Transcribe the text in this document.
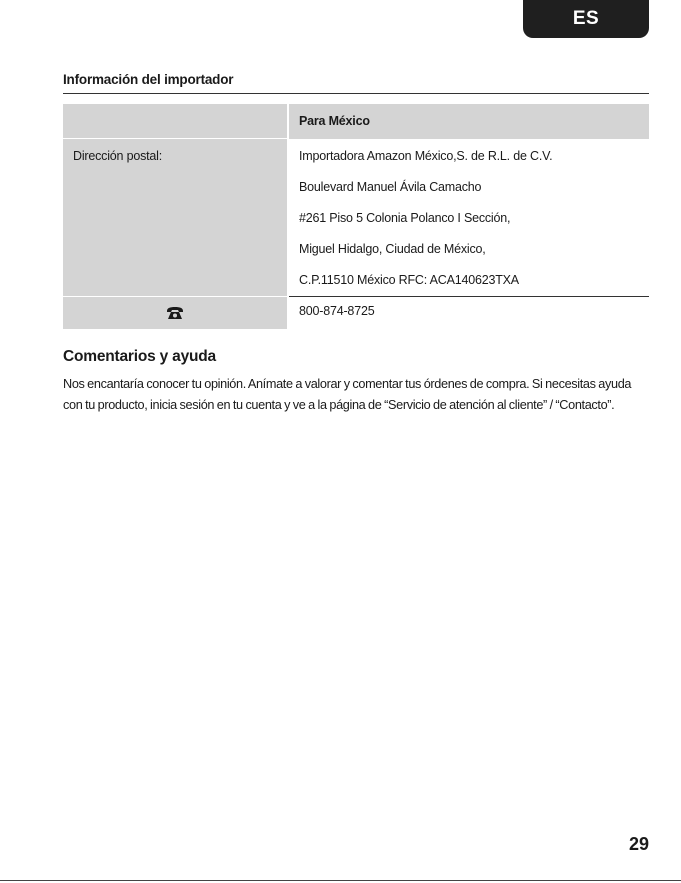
ES
Información del importador
		Para México
Dirección postal:		Importadora Amazon México,S. de R.L. de C.V.
Boulevard Manuel Ávila Camacho
#261 Piso 5 Colonia Polanco I Sección,
Miguel Hidalgo, Ciudad de México,
C.P.11510 México RFC: ACA140623TXA

		800-874-8725
Comentarios y ayuda
Nos encantaría conocer tu opinión. Anímate a valorar y comentar tus órdenes de compra. Si necesitas ayuda con tu producto, inicia sesión en tu cuenta y ve a la página de “Servicio de atención al cliente” / “Contacto”.
29
